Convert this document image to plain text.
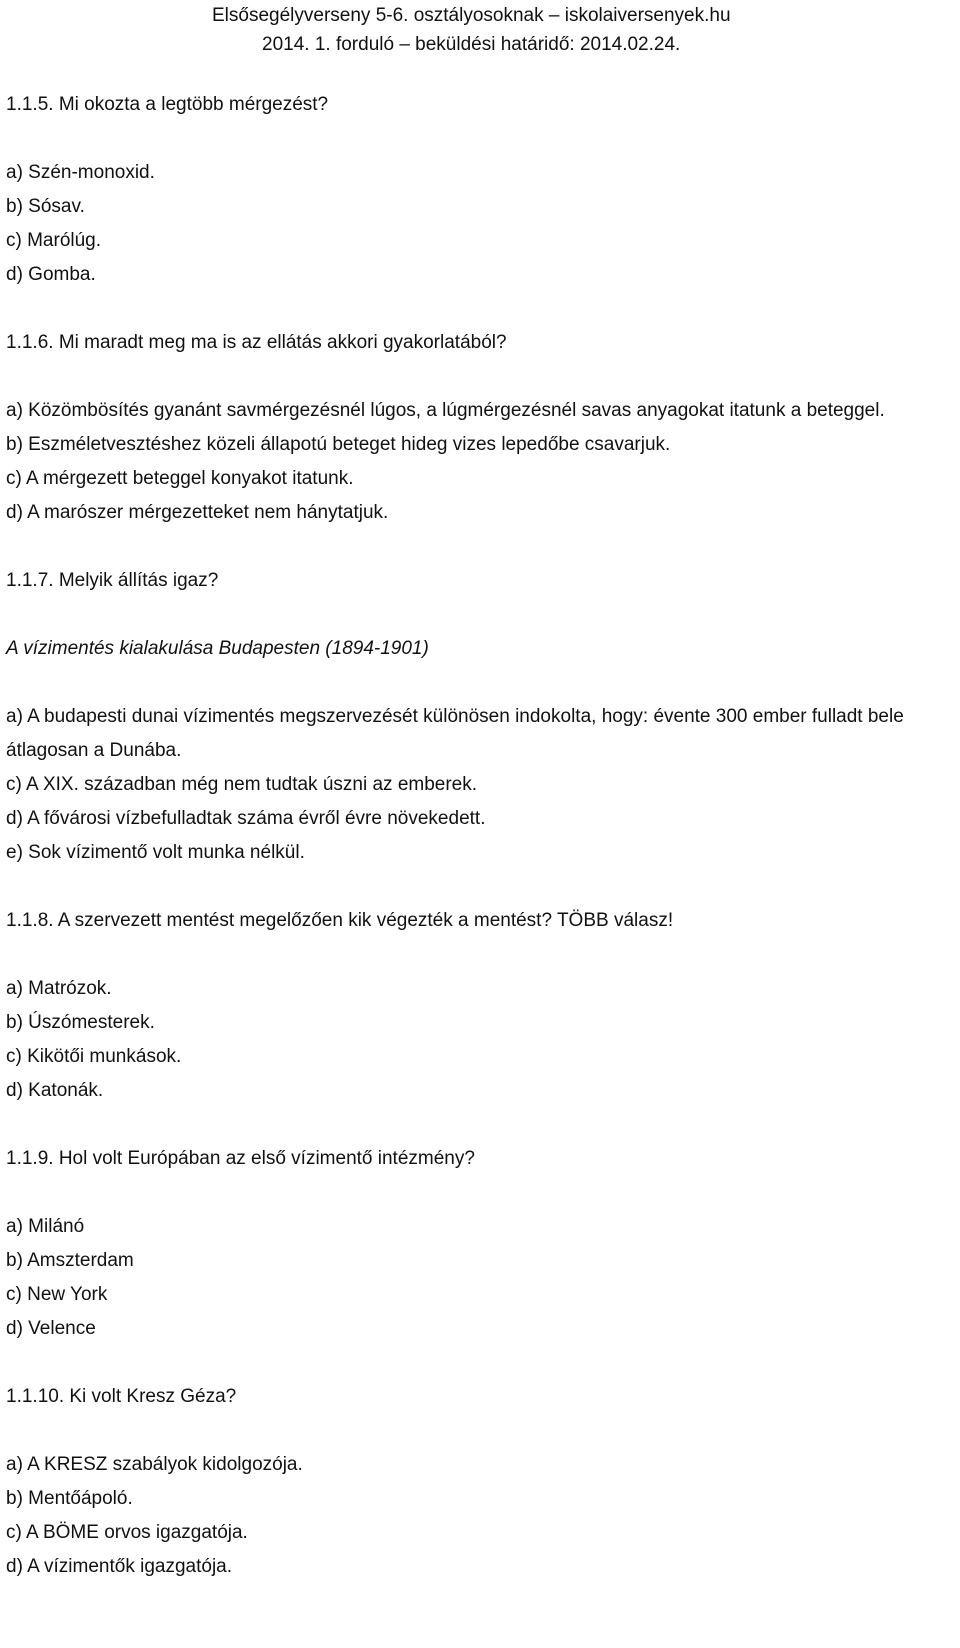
Elsősegélyverseny 5-6. osztályosoknak – iskolaiversenyek.hu
2014. 1. forduló – beküldési határidő: 2014.02.24.
1.1.5. Mi okozta a legtöbb mérgezést?
a) Szén-monoxid.
b) Sósav.
c) Marólúg.
d) Gomba.
1.1.6. Mi maradt meg ma is az ellátás akkori gyakorlatából?
a) Közömbösítés gyanánt savmérgezésnél lúgos, a lúgmérgezésnél savas anyagokat itatunk a beteggel.
b) Eszméletvesztéshez közeli állapotú beteget hideg vizes lepedőbe csavarjuk.
c) A mérgezett beteggel konyakot itatunk.
d) A marószer mérgezetteket nem hánytatjuk.
1.1.7. Melyik állítás igaz?
A vízimentés kialakulása Budapesten (1894-1901)
a) A budapesti dunai vízimentés megszervezését különösen indokolta, hogy: évente 300 ember fulladt bele átlagosan a Dunába.
c) A XIX. században még nem tudtak úszni az emberek.
d) A fővárosi vízbefulladtak száma évről évre növekedett.
e) Sok vízimentő volt munka nélkül.
1.1.8. A szervezett mentést megelőzően kik végezték a mentést? TÖBB válasz!
a) Matrózok.
b) Úszómesterek.
c) Kikötői munkások.
d) Katonák.
1.1.9. Hol volt Európában az első vízimentő intézmény?
a) Milánó
b) Amszterdam
c) New York
d) Velence
1.1.10. Ki volt Kresz Géza?
a) A KRESZ szabályok kidolgozója.
b) Mentőápoló.
c) A BÖME orvos igazgatója.
d) A vízimentők igazgatója.
